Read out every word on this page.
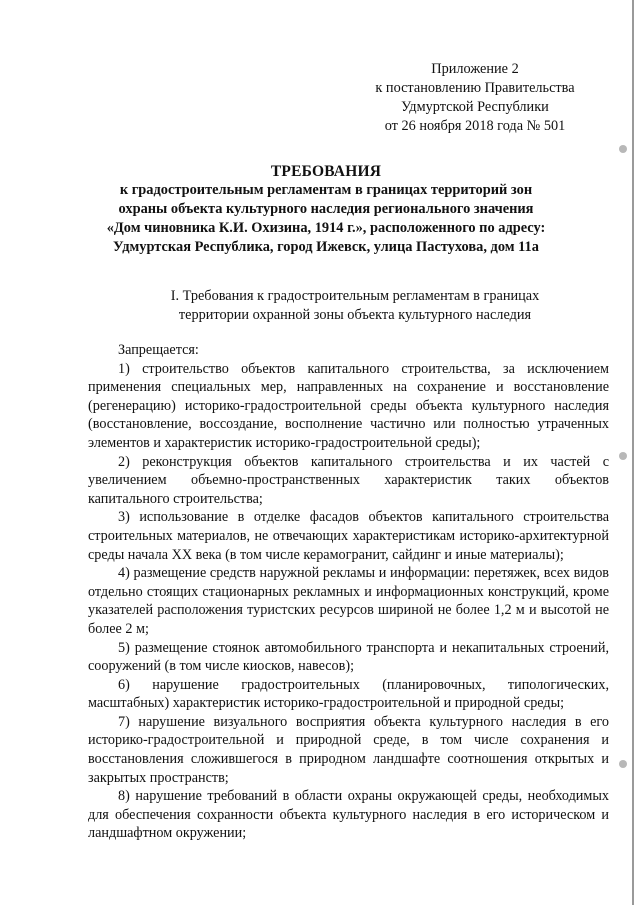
Приложение 2
к постановлению Правительства
Удмуртской Республики
от 26 ноября 2018 года № 501
ТРЕБОВАНИЯ
к градостроительным регламентам в границах территорий зон
охраны объекта культурного наследия регионального значения
«Дом чиновника К.И. Охизина, 1914 г.», расположенного по адресу:
Удмуртская Республика, город Ижевск, улица Пастухова, дом 11а
I. Требования к градостроительным регламентам в границах
территории охранной зоны объекта культурного наследия

Запрещается:

1) строительство объектов капитального строительства, за исключением применения специальных мер, направленных на сохранение и восстановление (регенерацию) историко-градостроительной среды объекта культурного наследия (восстановление, воссоздание, восполнение частично или полностью утраченных элементов и характеристик историко-градостроительной среды);

2) реконструкция объектов капитального строительства и их частей с увеличением объемно-пространственных характеристик таких объектов капитального строительства;

3) использование в отделке фасадов объектов капитального строительства строительных материалов, не отвечающих характеристикам историко-архитектурной среды начала XX века (в том числе керамогранит, сайдинг и иные материалы);

4) размещение средств наружной рекламы и информации: перетяжек, всех видов отдельно стоящих стационарных рекламных и информационных конструкций, кроме указателей расположения туристских ресурсов шириной не более 1,2 м и высотой не более 2 м;

5) размещение стоянок автомобильного транспорта и некапитальных строений, сооружений (в том числе киосков, навесов);

6) нарушение градостроительных (планировочных, типологических, масштабных) характеристик историко-градостроительной и природной среды;

7) нарушение визуального восприятия объекта культурного наследия в его историко-градостроительной и природной среде, в том числе сохранения и восстановления сложившегося в природном ландшафте соотношения открытых и закрытых пространств;

8) нарушение требований в области охраны окружающей среды, необходимых для обеспечения сохранности объекта культурного наследия в его историческом и ландшафтном окружении;
